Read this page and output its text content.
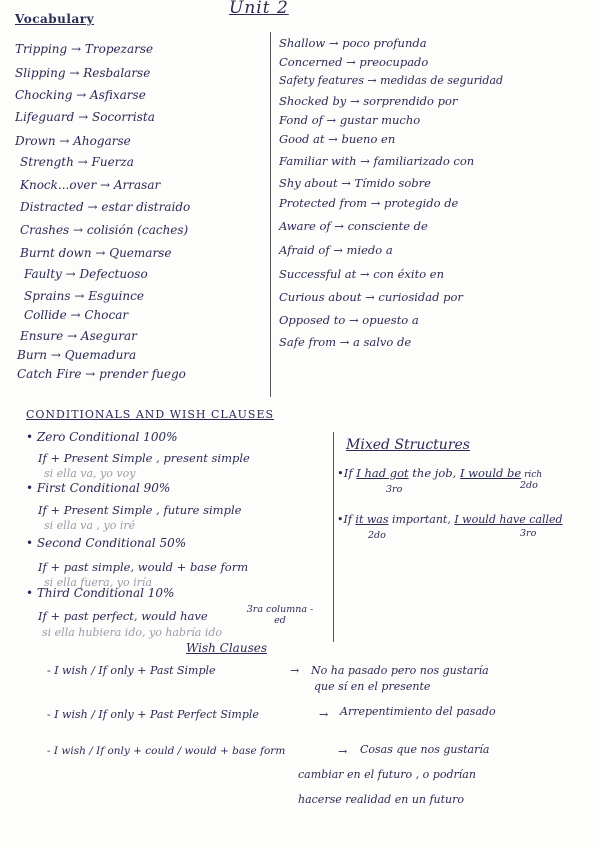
Unit 2
Vocabulary
Tripping → Tropezarse
Slipping → Resbalarse
Chocking → Asfixarse
Lifeguard → Socorrista
Drown → Ahogarse
Strength → Fuerza
Knock...over → Arrasar
Distracted → estar distraido
Crashes → colisión (caches)
Burnt down → Quemarse
Faulty → Defectuoso
Sprains → Esguince
Collide → Chocar
Ensure → Asegurar
Burn → Quemadura
Catch Fire → prender fuego
Shallow → poco profunda
Concerned → preocupado
Safety features → medidas de seguridad
Shocked by → sorprendido por
Fond of → gustar mucho
Good at → bueno en
Familiar with → familiarizado con
Shy about → Tímido sobre
Protected from → protegido de
Aware of → consciente de
Afraid of → miedo a
Successful at → con éxito en
Curious about → curiosidad por
Opposed to → opuesto a
Safe from → a salvo de
CONDITIONALS AND WISH CLAUSES
• Zero Conditional 100%
If + Present Simple , present simple
si ella va, yo voy
• First Conditional 90%
If + Present Simple , future simple
si ella va , yo iré
• Second Conditional 50%
If + past simple, would + base form
si ella fuera, yo iría
• Third Conditional 10%
If + past perfect, would have	3ra columna -ed
si ella hubiera ido, yo habría ido
Mixed Structures
•If I had got the job, I would be rich
3ro	2do
•If it was important, I would have called
2do	3ro
Wish Clauses
- I wish / If only + Past Simple	→ No ha pasado pero nos gustaría
que sí en el presente
- I wish / If only + Past Perfect Simple	→ Arrepentimiento del pasado
- I wish / If only + could / would + base form	→ Cosas que nos gustaría
cambiar en el futuro , o podrían
hacerse realidad en un futuro
